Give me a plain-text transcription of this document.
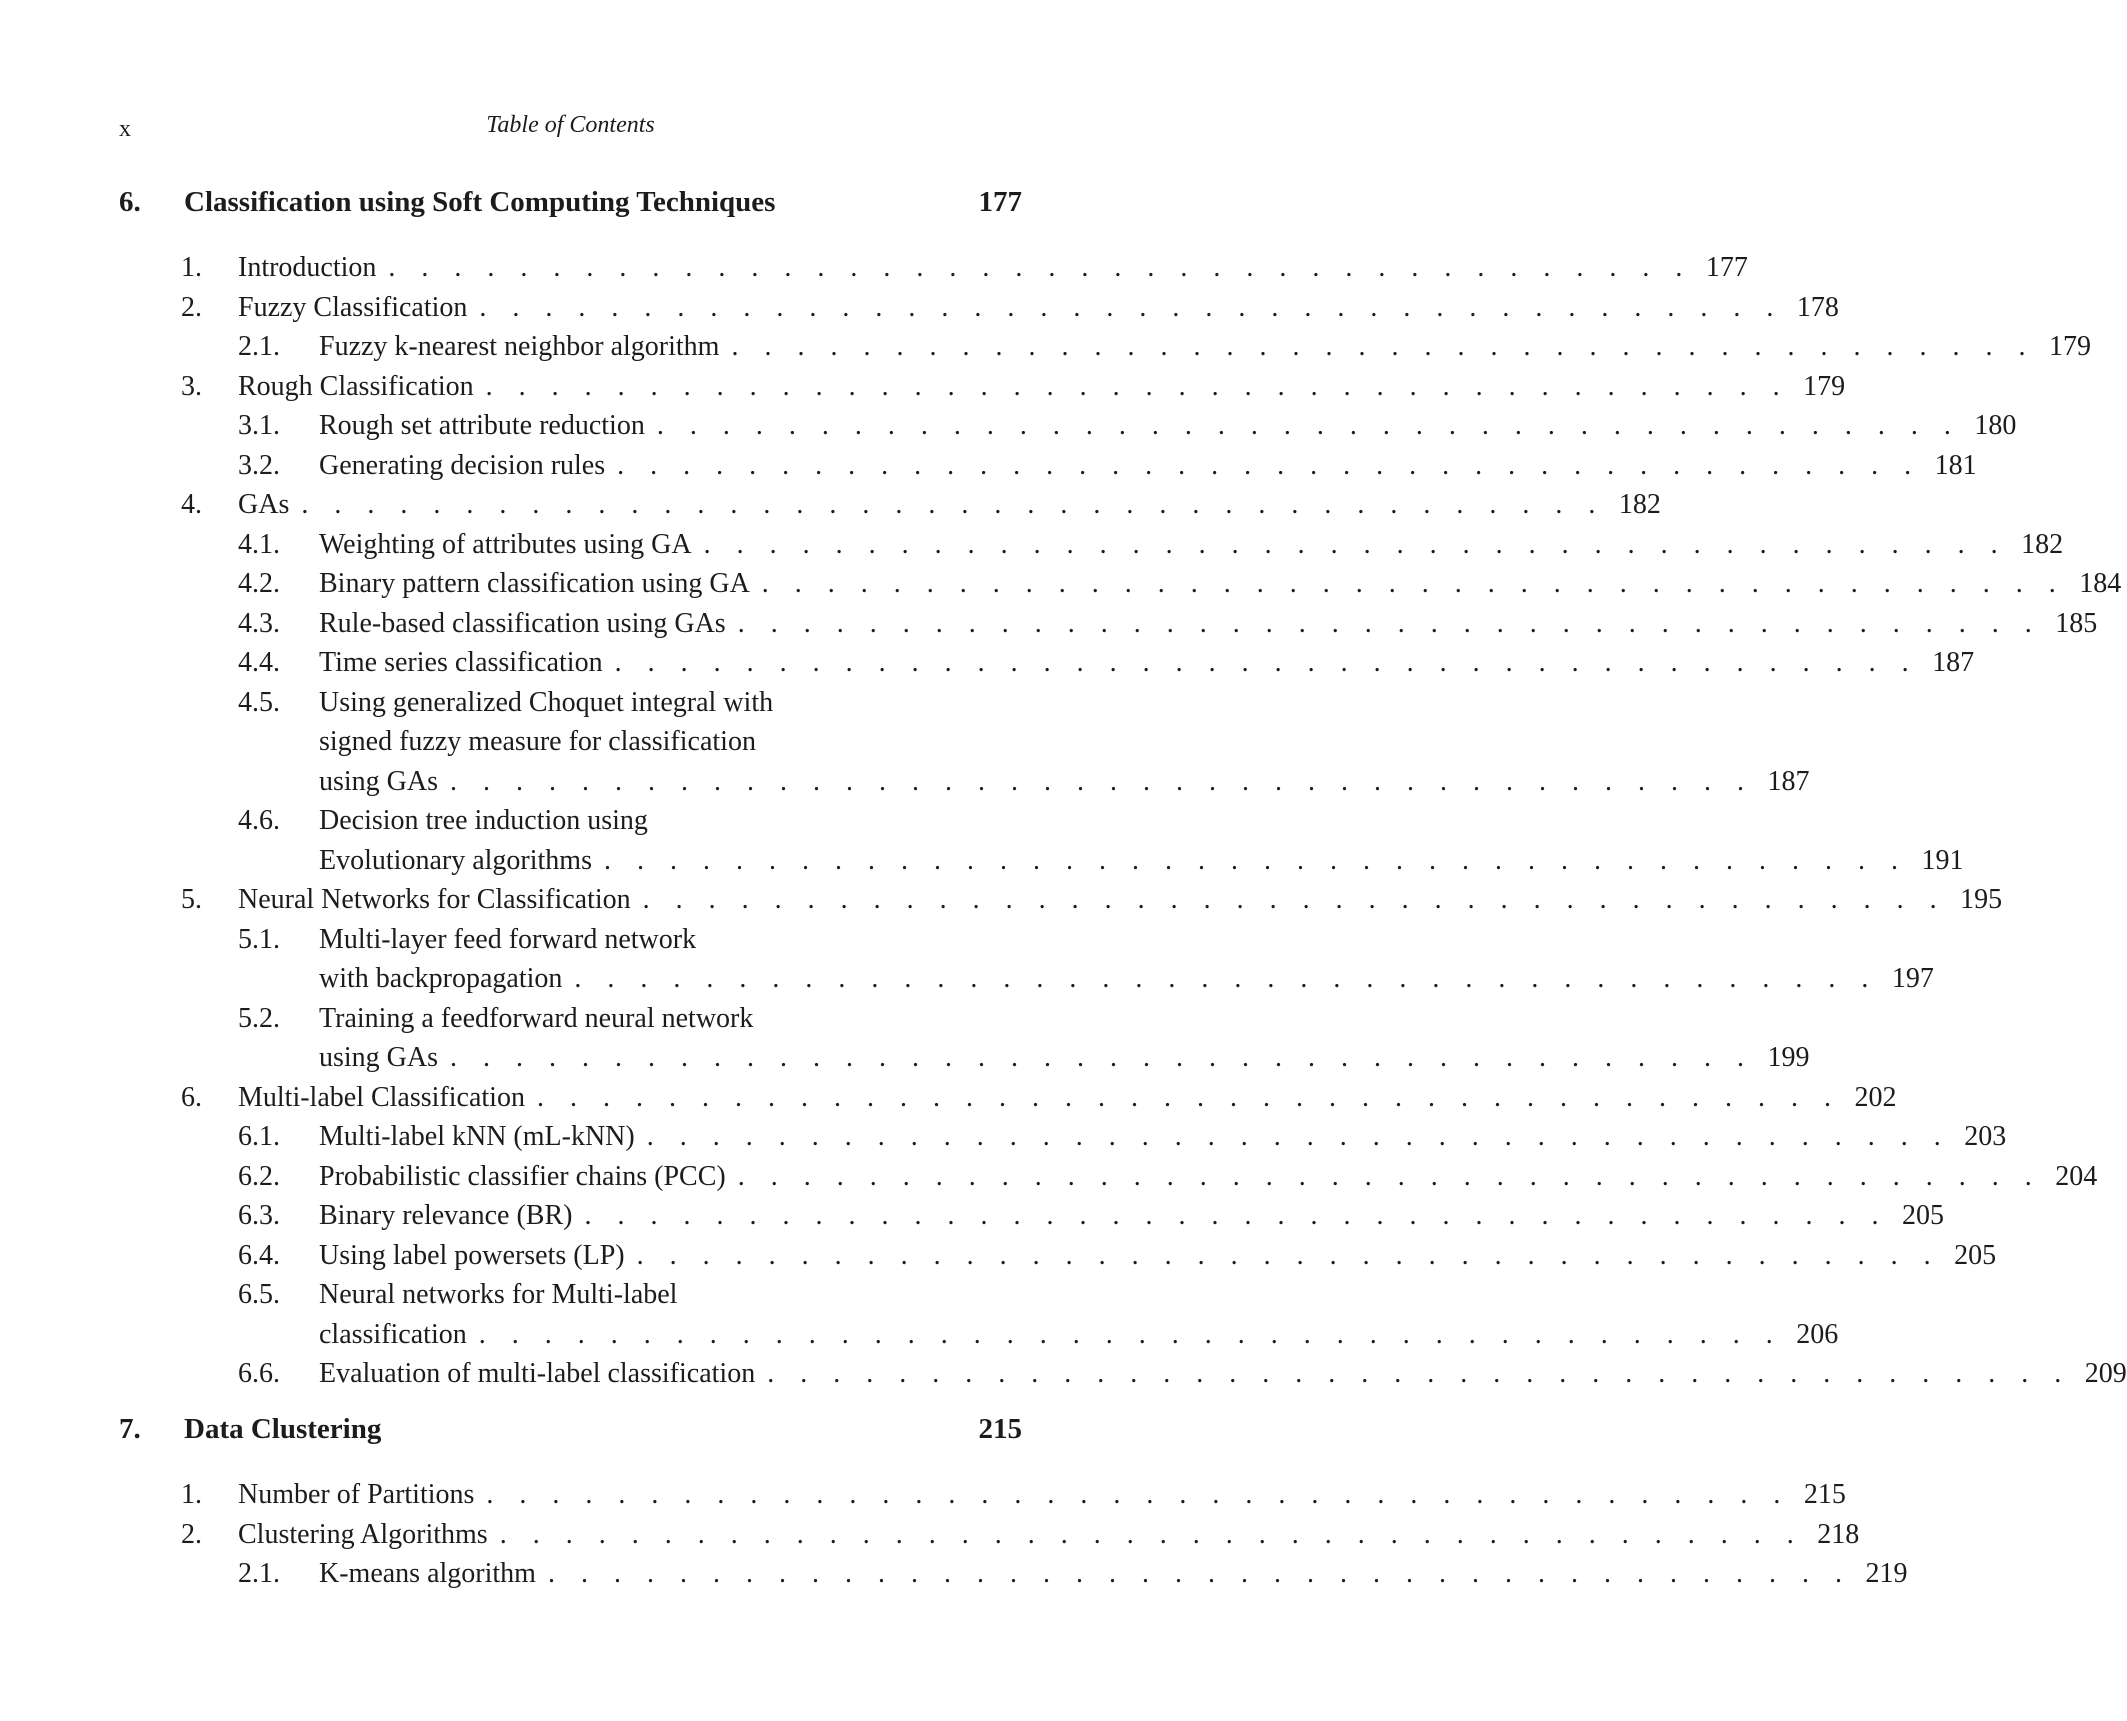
x	Table of Contents
6. Classification using Soft Computing Techniques	177
1. Introduction . . . . . . . . . . . . . . . . . . . . . . . . . . . . . . . . . . . . . . . . 177
2. Fuzzy Classification . . . . . . . . . . . . . . . . . . . . . . . . . . . . . . . . . . . . . . . . 178
2.1. Fuzzy k-nearest neighbor algorithm . . . . . . . . . . . . . . . . . . . . . . . . . . . . . . . . . . . . . . . . 179
3. Rough Classification . . . . . . . . . . . . . . . . . . . . . . . . . . . . . . . . . . . . . . . . 179
3.1. Rough set attribute reduction . . . . . . . . . . . . . . . . . . . . . . . . . . . . . . . . . . . . . . . . 180
3.2. Generating decision rules . . . . . . . . . . . . . . . . . . . . . . . . . . . . . . . . . . . . . . . . 181
4. GAs . . . . . . . . . . . . . . . . . . . . . . . . . . . . . . . . . . . . . . . . 182
4.1. Weighting of attributes using GA . . . . . . . . . . . . . . . . . . . . . . . . . . . . . . . . . . . . . . . . 182
4.2. Binary pattern classification using GA . . . . . . . . . . . . . . . . . . . . . . . . . . . . . . . . . . . . . . . . 184
4.3. Rule-based classification using GAs . . . . . . . . . . . . . . . . . . . . . . . . . . . . . . . . . . . . . . . . 185
4.4. Time series classification . . . . . . . . . . . . . . . . . . . . . . . . . . . . . . . . . . . . . . . . 187
4.5. Using generalized Choquet integral with
signed fuzzy measure for classification
using GAs . . . . . . . . . . . . . . . . . . . . . . . . . . . . . . . . . . . . . . . . 187
4.6. Decision tree induction using
Evolutionary algorithms . . . . . . . . . . . . . . . . . . . . . . . . . . . . . . . . . . . . . . . . 191
5. Neural Networks for Classification . . . . . . . . . . . . . . . . . . . . . . . . . . . . . . . . . . . . . . . . 195
5.1. Multi-layer feed forward network
with backpropagation . . . . . . . . . . . . . . . . . . . . . . . . . . . . . . . . . . . . . . . . 197
5.2. Training a feedforward neural network
using GAs . . . . . . . . . . . . . . . . . . . . . . . . . . . . . . . . . . . . . . . . 199
6. Multi-label Classification . . . . . . . . . . . . . . . . . . . . . . . . . . . . . . . . . . . . . . . . 202
6.1. Multi-label kNN (mL-kNN) . . . . . . . . . . . . . . . . . . . . . . . . . . . . . . . . . . . . . . . . 203
6.2. Probabilistic classifier chains (PCC) . . . . . . . . . . . . . . . . . . . . . . . . . . . . . . . . . . . . . . . . 204
6.3. Binary relevance (BR) . . . . . . . . . . . . . . . . . . . . . . . . . . . . . . . . . . . . . . . . 205
6.4. Using label powersets (LP) . . . . . . . . . . . . . . . . . . . . . . . . . . . . . . . . . . . . . . . . 205
6.5. Neural networks for Multi-label
classification . . . . . . . . . . . . . . . . . . . . . . . . . . . . . . . . . . . . . . . . 206
6.6. Evaluation of multi-label classification . . . . . . . . . . . . . . . . . . . . . . . . . . . . . . . . . . . . . . . . 209
7. Data Clustering	215
1. Number of Partitions . . . . . . . . . . . . . . . . . . . . . . . . . . . . . . . . . . . . . . . . 215
2. Clustering Algorithms . . . . . . . . . . . . . . . . . . . . . . . . . . . . . . . . . . . . . . . . 218
2.1. K-means algorithm . . . . . . . . . . . . . . . . . . . . . . . . . . . . . . . . . . . . . . . . 219
